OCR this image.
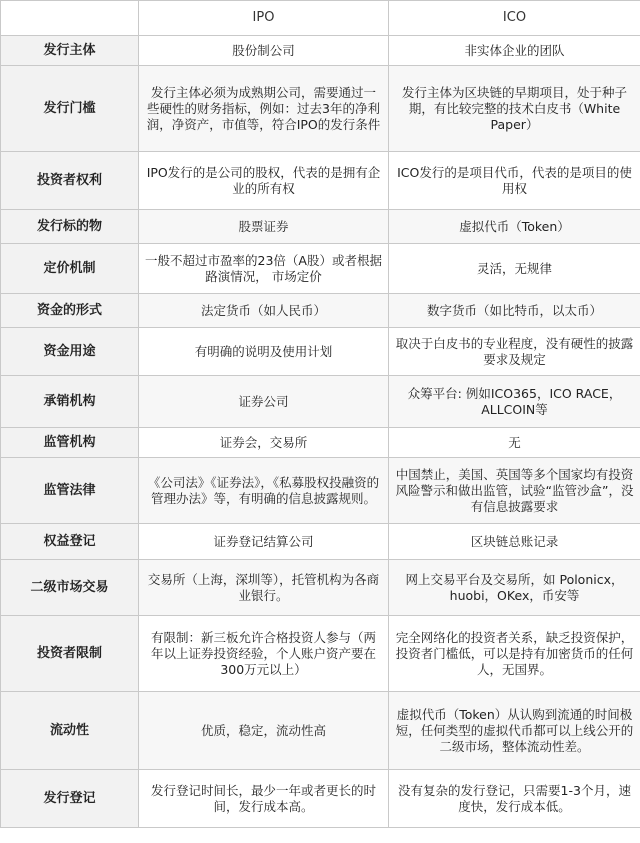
	IPO	ICO
发行主体	股份制公司	非实体企业的团队
发行门槛	发行主体必须为成熟期公司，需要通过一些硬性的财务指标，例如：过去3年的净利润，净资产，市值等，符合IPO的发行条件	发行主体为区块链的早期项目，处于种子期，有比较完整的技术白皮书（White Paper）
投资者权利	IPO发行的是公司的股权，代表的是拥有企业的所有权	ICO发行的是项目代币，代表的是项目的使用权
发行标的物	股票证券	虚拟代币（Token）
定价机制	一般不超过市盈率的23倍（A股）或者根据路演情况， 市场定价	灵活，无规律
资金的形式	法定货币（如人民币）	数字货币（如比特币，以太币）
资金用途	有明确的说明及使用计划	取决于白皮书的专业程度，没有硬性的披露要求及规定
承销机构	证券公司	众筹平台: 例如ICO365，ICO RACE，ALLCOIN等
监管机构	证券会，交易所	无
监管法律	《公司法》《证券法》，《私募股权投融资的管理办法》等，有明确的信息披露规则。	中国禁止，美国、英国等多个国家均有投资风险警示和做出监管，试验“监管沙盒”，没有信息披露要求
权益登记	证券登记结算公司	区块链总账记录
二级市场交易	交易所（上海，深圳等），托管机构为各商业银行。	网上交易平台及交易所，如 Polonicx，huobi，OKex，币安等
投资者限制	有限制：新三板允许合格投资人参与（两年以上证券投资经验，个人账户资产要在300万元以上）	完全网络化的投资者关系，缺乏投资保护，投资者门槛低，可以是持有加密货币的任何人，无国界。
流动性	优质，稳定，流动性高	虚拟代币（Token）从认购到流通的时间极短，任何类型的虚拟代币都可以上线公开的二级市场，整体流动性差。
发行登记	发行登记时间长，最少一年或者更长的时间，发行成本高。	没有复杂的发行登记，只需要1-3个月，速度快，发行成本低。
